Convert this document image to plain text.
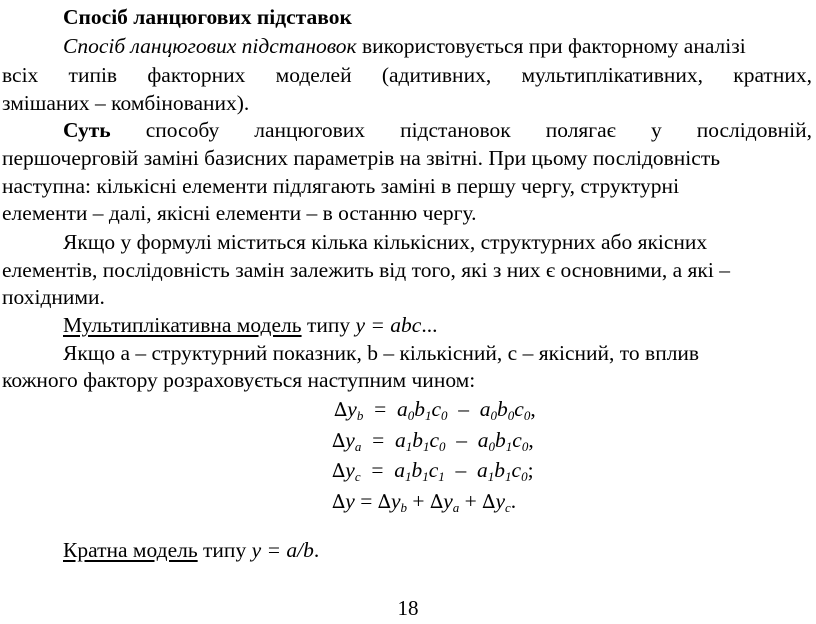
Спосіб ланцюгових підставок
Спосіб ланцюгових підстановок використовується при факторному аналізі
всіх типів факторних моделей (адитивних, мультиплікативних, кратних,
змішаних – комбінованих).
Суть способу ланцюгових підстановок полягає у послідовній,
першочерговій заміні базисних параметрів на звітні. При цьому послідовність
наступна: кількісні елементи підлягають заміні в першу чергу, структурні
елементи – далі, якісні елементи – в останню чергу.
Якщо у формулі міститься кілька кількісних, структурних або якісних
елементів, послідовність замін залежить від того, які з них є основними, а які –
похідними.
Мультиплікативна модель типу y = abc...
Якщо a – структурний показник, b – кількісний, c – якісний, то вплив
кожного фактору розраховується наступним чином:
∆yb = a0b1c0 – a0b0c0,
∆ya = a1b1c0 – a0b1c0,
∆yc = a1b1c1 – a1b1c0;
∆y = ∆yb + ∆ya + ∆yc.
Кратна модель типу y = a/b.
18
